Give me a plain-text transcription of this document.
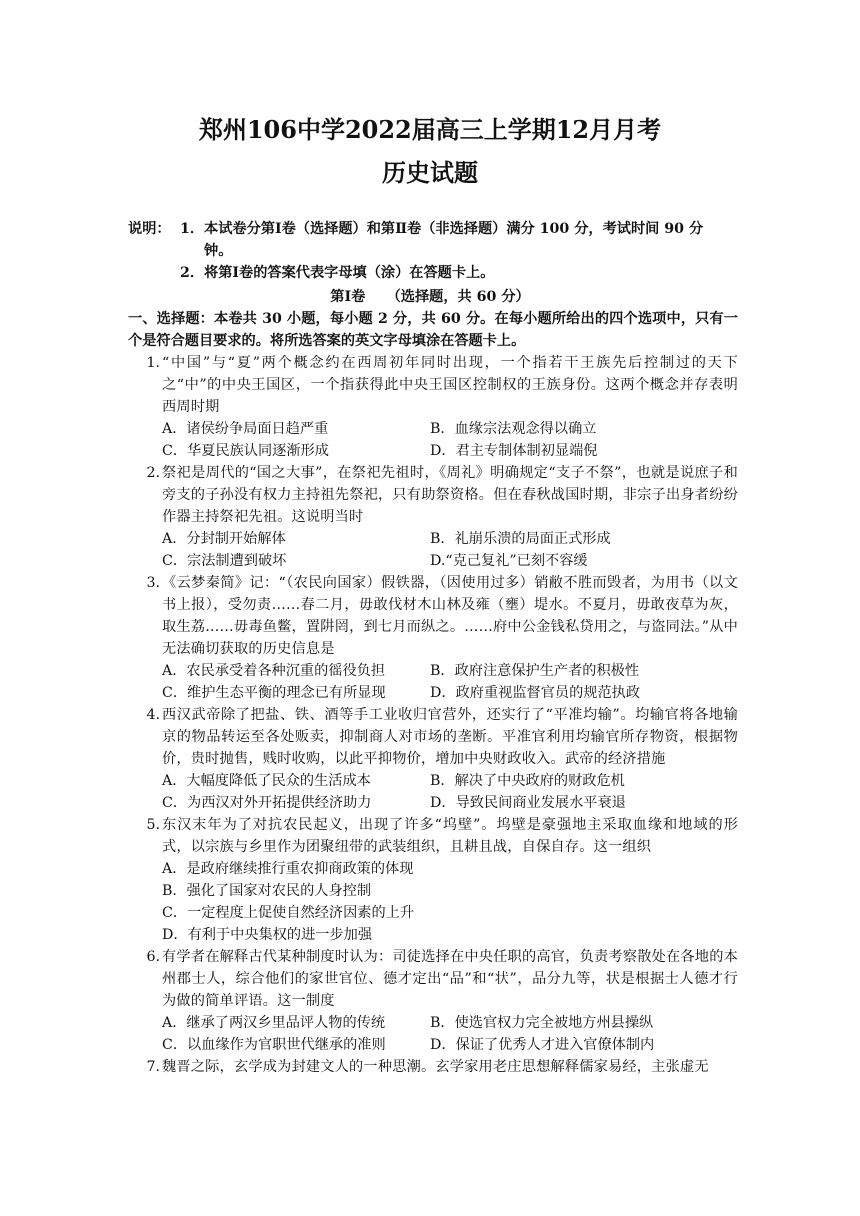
郑州106中学2022届高三上学期12月月考
历史试题
说明： 1． 本试卷分第Ⅰ卷（选择题）和第Ⅱ卷（非选择题）满分 100 分，考试时间 90 分
钟。
2． 将第Ⅰ卷的答案代表字母填（涂）在答题卡上。
第Ⅰ卷　　（选择题，共 60 分）
一、选择题：本卷共 30 小题，每小题 2 分，共 60 分。在每小题所给出的四个选项中，只有一个是符合题目要求的。将所选答案的英文字母填涂在答题卡上。
1. “中国”与“夏”两个概念约在西周初年同时出现，一个指若干王族先后控制过的天下之“中”的中央王国区，一个指获得此中央王国区控制权的王族身份。这两个概念并存表明西周时期
A．诸侯纷争局面日趋严重	B．血缘宗法观念得以确立
C．华夏民族认同逐渐形成	D．君主专制体制初显端倪
2. 祭祀是周代的“国之大事”，在祭祀先祖时，《周礼》明确规定“支子不祭”，也就是说庶子和旁支的子孙没有权力主持祖先祭祀，只有助祭资格。但在春秋战国时期，非宗子出身者纷纷作器主持祭祀先祖。这说明当时
A．分封制开始解体	B．礼崩乐溃的局面正式形成
C．宗法制遭到破坏	D.“克己复礼”已刻不容缓
3. 《云梦秦简》记：“（农民向国家）假铁器，（因使用过多）销敝不胜而毁者，为用书（以文书上报），受勿责……春二月，毋敢伐材木山林及雍（壅）堤水。不夏月，毋敢夜草为灰，取生荔……毋毒鱼鳖，置阱罔，到七月而纵之。……府中公金钱私贷用之，与盗同法。”从中无法确切获取的历史信息是
A．农民承受着各种沉重的徭役负担	B．政府注意保护生产者的积极性
C．维护生态平衡的理念已有所显现	D．政府重视监督官员的规范执政
4. 西汉武帝除了把盐、铁、酒等手工业收归官营外，还实行了“平准均输”。均输官将各地输京的物品转运至各处贩卖，抑制商人对市场的垄断。平准官利用均输官所存物资，根据物价，贵时抛售，贱时收购，以此平抑物价，增加中央财政收入。武帝的经济措施
A．大幅度降低了民众的生活成本	B．解决了中央政府的财政危机
C．为西汉对外开拓提供经济助力	D．导致民间商业发展水平衰退
5. 东汉末年为了对抗农民起义，出现了许多“坞壁”。坞壁是豪强地主采取血缘和地域的形式，以宗族与乡里作为团聚纽带的武装组织，且耕且战，自保自存。这一组织
A．是政府继续推行重农抑商政策的体现
B．强化了国家对农民的人身控制
C．一定程度上促使自然经济因素的上升
D．有利于中央集权的进一步加强
6. 有学者在解释古代某种制度时认为：司徒选择在中央任职的高官，负责考察散处在各地的本州郡士人，综合他们的家世官位、德才定出“品”和“状”，品分九等，状是根据士人德才行为做的简单评语。这一制度
A．继承了两汉乡里品评人物的传统	B．使选官权力完全被地方州县操纵
C．以血缘作为官职世代继承的准则	D．保证了优秀人才进入官僚体制内
7. 魏晋之际，玄学成为封建文人的一种思潮。玄学家用老庄思想解释儒家易经，主张虚无
